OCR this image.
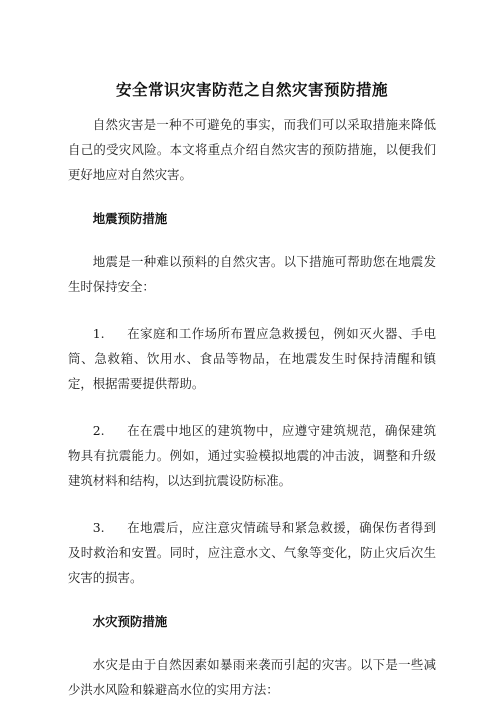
安全常识灾害防范之自然灾害预防措施

自然灾害是一种不可避免的事实，而我们可以采取措施来降低自己的受灾风险。本文将重点介绍自然灾害的预防措施，以便我们更好地应对自然灾害。

地震预防措施

地震是一种难以预料的自然灾害。以下措施可帮助您在地震发生时保持安全：

1. 在家庭和工作场所布置应急救援包，例如灭火器、手电筒、急救箱、饮用水、食品等物品，在地震发生时保持清醒和镇定，根据需要提供帮助。

2. 在在震中地区的建筑物中，应遵守建筑规范，确保建筑物具有抗震能力。例如，通过实验模拟地震的冲击波，调整和升级建筑材料和结构，以达到抗震设防标准。

3. 在地震后，应注意灾情疏导和紧急救援，确保伤者得到及时救治和安置。同时，应注意水文、气象等变化，防止灾后次生灾害的损害。

水灾预防措施

水灾是由于自然因素如暴雨来袭而引起的灾害。以下是一些减少洪水风险和躲避高水位的实用方法：
